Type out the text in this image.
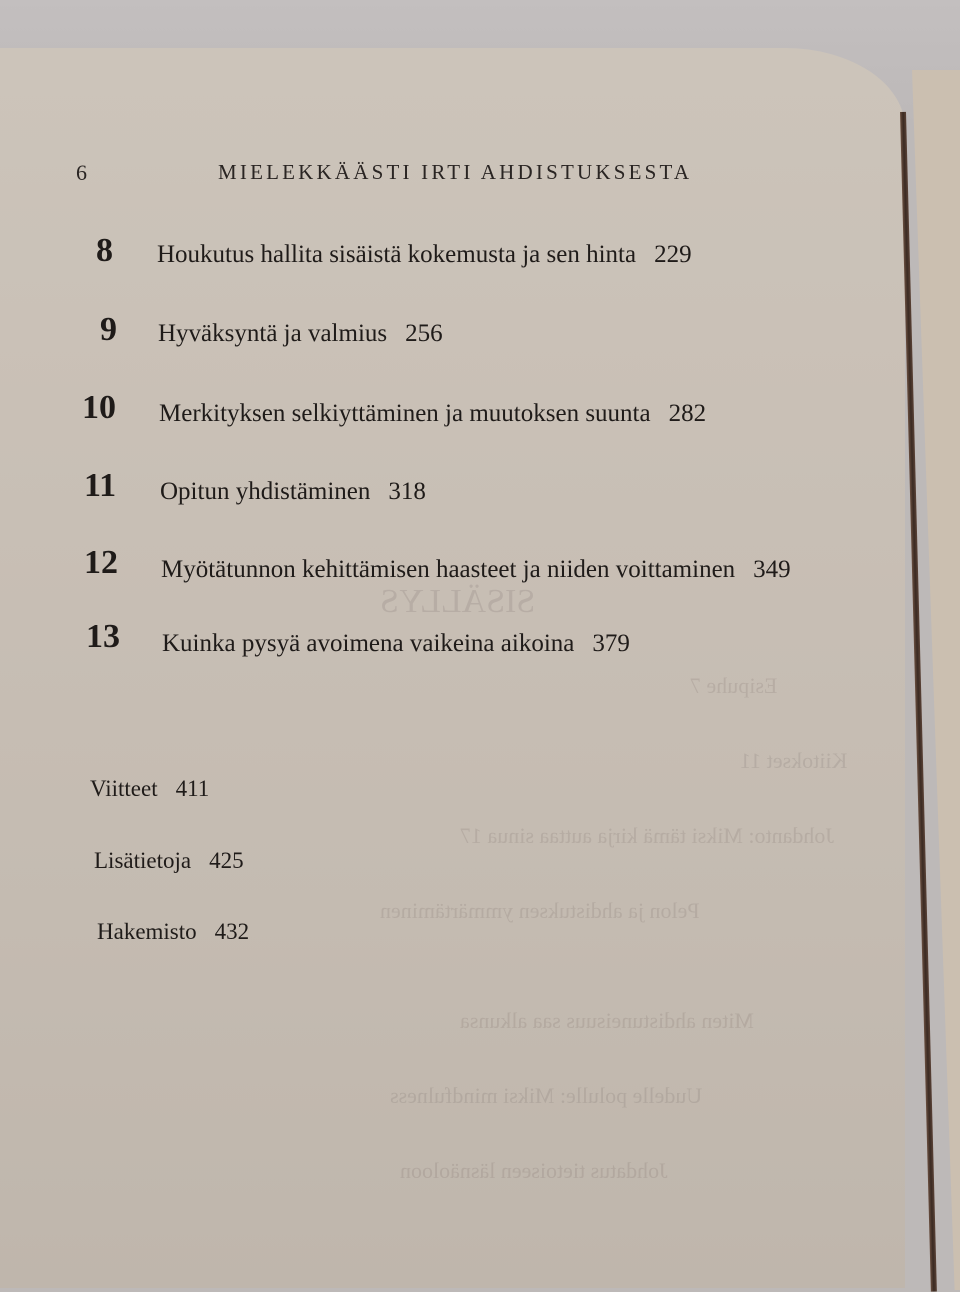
SISÄLLYS
Esipuhe 7
Kiitokset 11
Johdanto: Miksi tämä kirja auttaa sinua 17
Pelon ja ahdistuksen ymmärtäminen
Miten ahdistuneisuus saa alkunsa
Uudelle polulle: Miksi mindfulness
Johdatus tietoiseen läsnäoloon
6	MIELEKKÄÄSTI IRTI AHDISTUKSESTA
8 Houkutus hallita sisäistä kokemusta ja sen hinta 229
9 Hyväksyntä ja valmius 256
10 Merkityksen selkiyttäminen ja muutoksen suunta 282
11 Opitun yhdistäminen 318
12 Myötätunnon kehittämisen haasteet ja niiden voittaminen 349
13 Kuinka pysyä avoimena vaikeina aikoina 379
Viitteet 411
Lisätietoja 425
Hakemisto 432
